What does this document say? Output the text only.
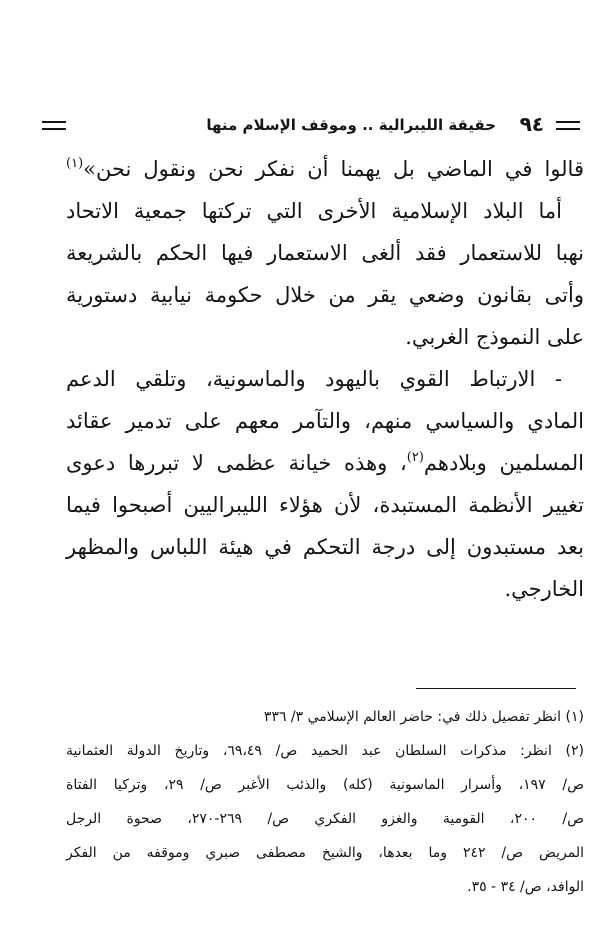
٩٤
حقيقة الليبرالية .. وموقف الإسلام منها
قالوا في الماضي بل يهمنا أن نفكر نحن ونقول نحن»$^{(١)}$
أما البلاد الإسلامية الأخرى التي تركتها جمعية الاتحاد
نهبا للاستعمار فقد ألغى الاستعمار فيها الحكم بالشريعة
وأتى بقانون وضعي يقر من خلال حكومة نيابية دستورية
على النموذج الغربي.
- الارتباط القوي باليهود والماسونية، وتلقي الدعم
المادي والسياسي منهم، والتآمر معهم على تدمير عقائد
المسلمين وبلادهم$^{(٢)}$، وهذه خيانة عظمى لا تبررها دعوى
تغيير الأنظمة المستبدة، لأن هؤلاء الليبراليين أصبحوا فيما
بعد مستبدون إلى درجة التحكم في هيئة اللباس والمظهر
الخارجي.
(١) انظر تفصيل ذلك في: حاضر العالم الإسلامي ٣/ ٣٣٦
(٢) انظر: مذكرات السلطان عبد الحميد ص/ ٦٩،٤٩، وتاريخ الدولة العثمانية
ص/ ١٩٧، وأسرار الماسونية (كله) والذئب الأغبر ص/ ٢٩، وتركيا الفتاة
ص/ ٢٠٠، القومية والغزو الفكري ص/ ٢٦٩-٢٧٠، صحوة الرجل
المريض ص/ ٢٤٢ وما بعدها، والشيخ مصطفى صبري وموقفه من الفكر
الوافد، ص/ ٣٤ - ٣٥.
